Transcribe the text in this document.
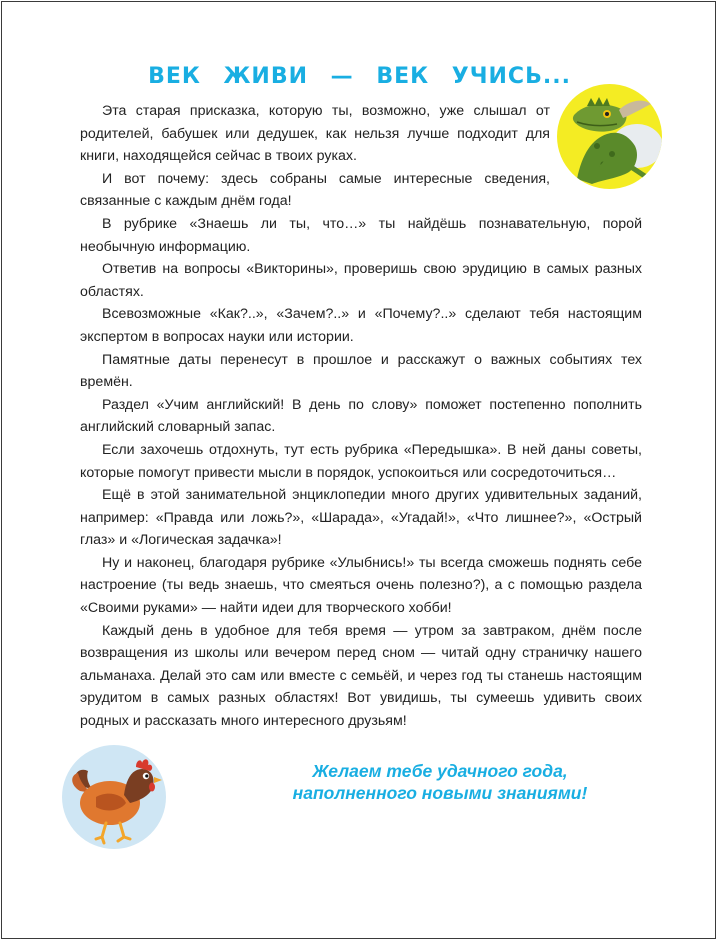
ВЕК ЖИВИ — ВЕК УЧИСЬ...

Эта старая присказка, которую ты, возможно, уже слышал от родителей, бабушек или дедушек, как нельзя лучше подходит для книги, находящейся сейчас в твоих руках.

И вот почему: здесь собраны самые интересные сведения, связанные с каждым днём года!

В рубрике «Знаешь ли ты, что…» ты найдёшь познавательную, порой необычную информацию.

Ответив на вопросы «Викторины», проверишь свою эрудицию в самых разных областях.

Всевозможные «Как?..», «Зачем?..» и «Почему?..» сделают тебя настоящим экспертом в вопросах науки или истории.

Памятные даты перенесут в прошлое и расскажут о важных событиях тех времён.

Раздел «Учим английский! В день по слову» поможет постепенно пополнить английский словарный запас.

Если захочешь отдохнуть, тут есть рубрика «Передышка». В ней даны советы, которые помогут привести мысли в порядок, успокоиться или сосредоточиться…

Ещё в этой занимательной энциклопедии много других удивительных заданий, например: «Правда или ложь?», «Шарада», «Угадай!», «Что лишнее?», «Острый глаз» и «Логическая задачка»!

Ну и наконец, благодаря рубрике «Улыбнись!» ты всегда сможешь поднять себе настроение (ты ведь знаешь, что смеяться очень полезно?), а с помощью раздела «Своими руками» — найти идеи для творческого хобби!

Каждый день в удобное для тебя время — утром за завтраком, днём после возвращения из школы или вечером перед сном — читай одну страничку нашего альманаха. Делай это сам или вместе с семьёй, и через год ты станешь настоящим эрудитом в самых разных областях! Вот увидишь, ты сумеешь удивить своих родных и рассказать много интересного друзьям!

Желаем тебе удачного года,
наполненного новыми знаниями!
